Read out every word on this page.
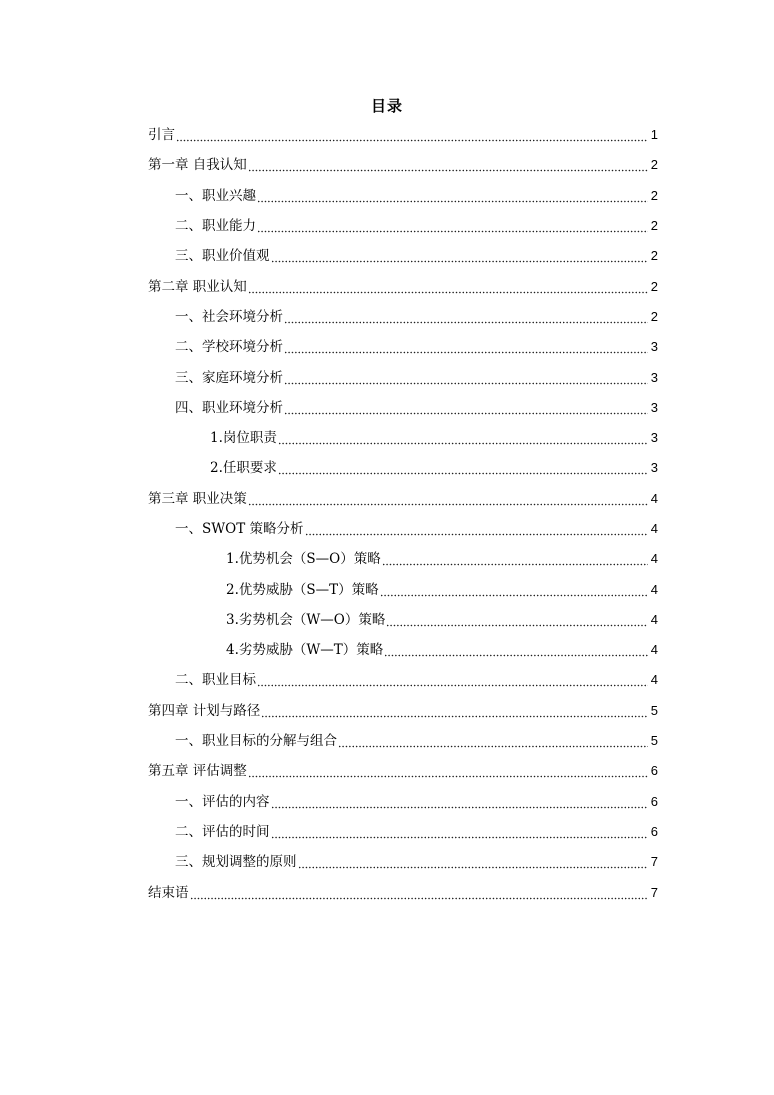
目录
引言	1
第一章 自我认知	2
一、职业兴趣	2
二、职业能力	2
三、职业价值观	2
第二章 职业认知	2
一、社会环境分析	2
二、学校环境分析	3
三、家庭环境分析	3
四、职业环境分析	3
1.岗位职责	3
2.任职要求	3
第三章 职业决策	4
一、SWOT 策略分析	4
1.优势机会（S—O）策略	4
2.优势威胁（S—T）策略	4
3.劣势机会（W—O）策略	4
4.劣势威胁（W—T）策略	4
二、职业目标	4
第四章 计划与路径	5
一、职业目标的分解与组合	5
第五章 评估调整	6
一、评估的内容	6
二、评估的时间	6
三、规划调整的原则	7
结束语	7
